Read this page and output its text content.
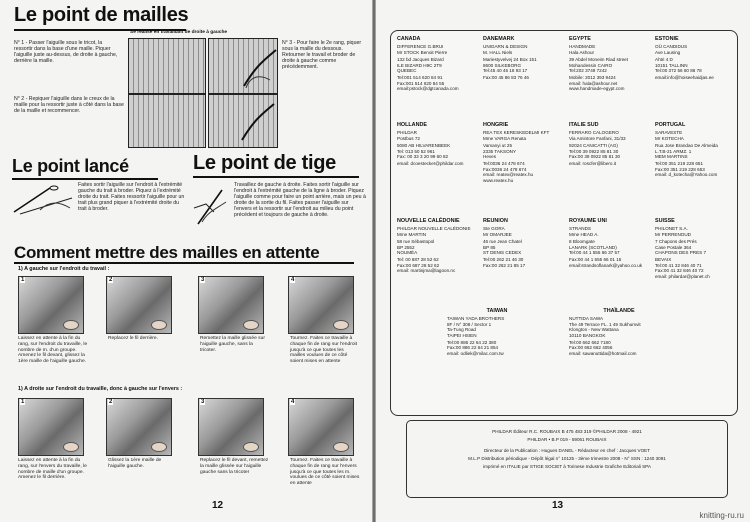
Le point de mailles
Se réalise en travaillant de droite à gauche
N° 1 - Passer l'aiguille sous le tricot, la ressortir dans la base d'une maille. Piquer l'aiguille juste au-dessus, de droite à gauche, derrière la maille.
N° 2 - Repiquer l'aiguille dans le creux de la maille pour la ressortir juste à côté dans la base de la maille et recommencer.
N° 3 - Pour faire le 2e rang, piquer sous la maille du dessous. Retourner le travail et broder de droite à gauche comme précédemment.
Le point lancé
Faites sortir l'aiguille sur l'endroit à l'extrémité gauche du trait à broder. Piquez à l'extrémité droite du trait. Faites ressortir l'aiguille pour un trait plus grand piquer à l'extrémité droite du trait à broder.
Le point de tige
Travaillez de gauche à droite. Faites sortir l'aiguille sur l'endroit à l'extrémité gauche de la ligne à broder. Piquez l'aiguille comme pour faire un point arrière, mais un peu à droite de la sortie du fil. Faites passer l'aiguille sur l'envers et la ressortir sur l'endroit au milieu du point précédent et toujours de gauche à droite.
Comment mettre des mailles en attente
1) A gauche sur l'endroit du travail :
1	2	3	4
Laissez en attente à la fin du rang, sur l'endroit du travaille, le nombre de m. d'un groupe. Amenez le fil devant, glissez la 1ère maille de l'aiguille gauche.
Replacez le fil derrière.	Remettez la maille glissée sur l'aiguille gauche, sans la tricoter.
Tournez. Faites ce travaille à chaque fin de rang sur l'endroit jusqu'à ce que toutes les mailles voulues de ce côté soient mises en attente
1) A droite sur l'endroit du travaille, donc à gauche sur l'envers :
1	2	3	4
Laissez en attente à la fin du rang, sur l'envers du travaille, le nombre de maille d'un groupe. Amenez le fil derrière.
Glissez la 1ère maille de l'aiguille gauche.
Replacez le fil devant, remettez la maille glissée sur l'aiguille gauche sans la tricoter
Tournez. Faites ce travaille à chaque fin de rang sur l'envers jusqu'à ce que toutes les m. voulues de ce côté soient mises en attente
12
CANADA
DIFFERENCE G.BRUI
Mr STOCK Benoit Pierre
132 bd Jacques Bizard
ILE BIZARD H9C 2T9
QUEBEC
Tel:001 514 620 84 91
Fax:001 514 620 84 55
email:pstock@dgtcanada.com
DANEMARK
UNIGARN & DESIGN
M. HALL Niels
Mariestyvelvej 24 Box 151
8600 SILKEBORG
Tel:45 40 45 18 93 17
Fax:00 45 86 83 76 46
EGYPTE
HANDMADE
Hala Ashour
39 Abdel Moneim Riad street
Mohandessin CAIRO
Tel:202 3749 7242
Mobile: 2012 393 9424
email: hala@ashour.net
www.handmade-egypt.com
ESTONIE
OÜ CANDIDUS
Ave Lausing
Ahtri 4 D
10151 TALLINN
Tel:00 372 56 60 86 78
email:info@hoiseehaidjas.ee
HOLLANDE
PHILDAR
Postbus 72
5080 AB HILVARENBEEK
Tel: 013 50 52 961
Fax: 00 33 3 20 99 60 82
email: dcoestecker@phildar.com
HONGRIE
REA TEX KERESKEDELMI KFT
Mme VARGA Renata
Vamanyi ut 25
2335 TAKSONY
Heves
Tel:0036 24 478 674
Fax:0036 24 478 674
email: reatex@reatex.hu
www.reatex.hu
ITALIE SUD
FERRARO CALOGERO
Via Amintore Fanfani, 31/33
92024 CANICATTI (AG)
Tel:00 39 0922 85 81 30
Fax:00 39 0922 85 81 30
email: roscfer@libero.it
PORTUGAL
SARAVESTE
Mr KOTECHA
Rua Jose Brandao De Almeida
L.T.B-21 ARMZ. 1
MEM MARTINS
Tel:00 351 219 228 651
Fax:00 351 219 228 653
email: d_kotecha@Yahoo.com
NOUVELLE CALÉDONIE
PHILDAR NOUVELLE CALÉDONIE
Mme MARTIN
58 rue Sébastopol
BP 2552
NOUMÉA
Tel: 00 687 28 52 62
Fax:00 687 28 52 62
email: martinjma@lagoon.nc
REUNION
Ste GORA
Mr OMARJEE
46 rue Jean Chatel
BP 85
ST DENIS CEDEX
Tel:00 262 21 46 30
Fax:00 262 21 85 17
ROYAUME UNI
STRANDS
Mme HEAD A.
8 Bloomgate
LANARK (SCOTLAND)
Tel:00 44 1 555 66 37 57
Fax:00 44 1 555 66 01 15
email:strandsoflanark@yahoo.co.uk
SUISSE
PHILONET S.A.
Mr PERRENOUD
7 Chapons des Prés
Case Postale 364
CHAPONS DES PRES 7
BEVAIX
Tel:00 41 32 846 40 71
Fax:00 41 32 846 40 72
email: philardar@planet.ch
TAIWAN
TAIWAN YADA BROTHERS
8F / N° 308 / Sector 1
Ta-Tung Road
TAIPEI HSIEN
Tel:00 886 22 64 22 380
Fax:00 886 22 64 21 854
email: odliek@milac.com.tw
THAÏLANDE
NUTTIDA SAWA
The 49 Terrace FL. 1 49 Sukhumvit
Klongton - New Wattana
10110 BANGKOK
Tel:00 662 662 7180
Fax:00 662 662 4056
email: sawanuttida@hotmail.com
PHILDAR Éditeur R.C. ROUBAIX B 475 483 319 ©PHILDAR 2008 - 4921
PHILDAR • B.P 019 - 59061 ROUBAIX
Directeur de la Publication : Hugues DANEL - Rédacteur en chef : Jacques VOET
M.L.P Distribution périodique - Dépôt légal n° 10125 - 3ème trimestre 2008 - N° SSN : 1240 3091
imprimé en ITALIE par STIGE SOCIET à Torinese Industrie Grafiche Editoriali SPA
13
knitting-ru.ru
